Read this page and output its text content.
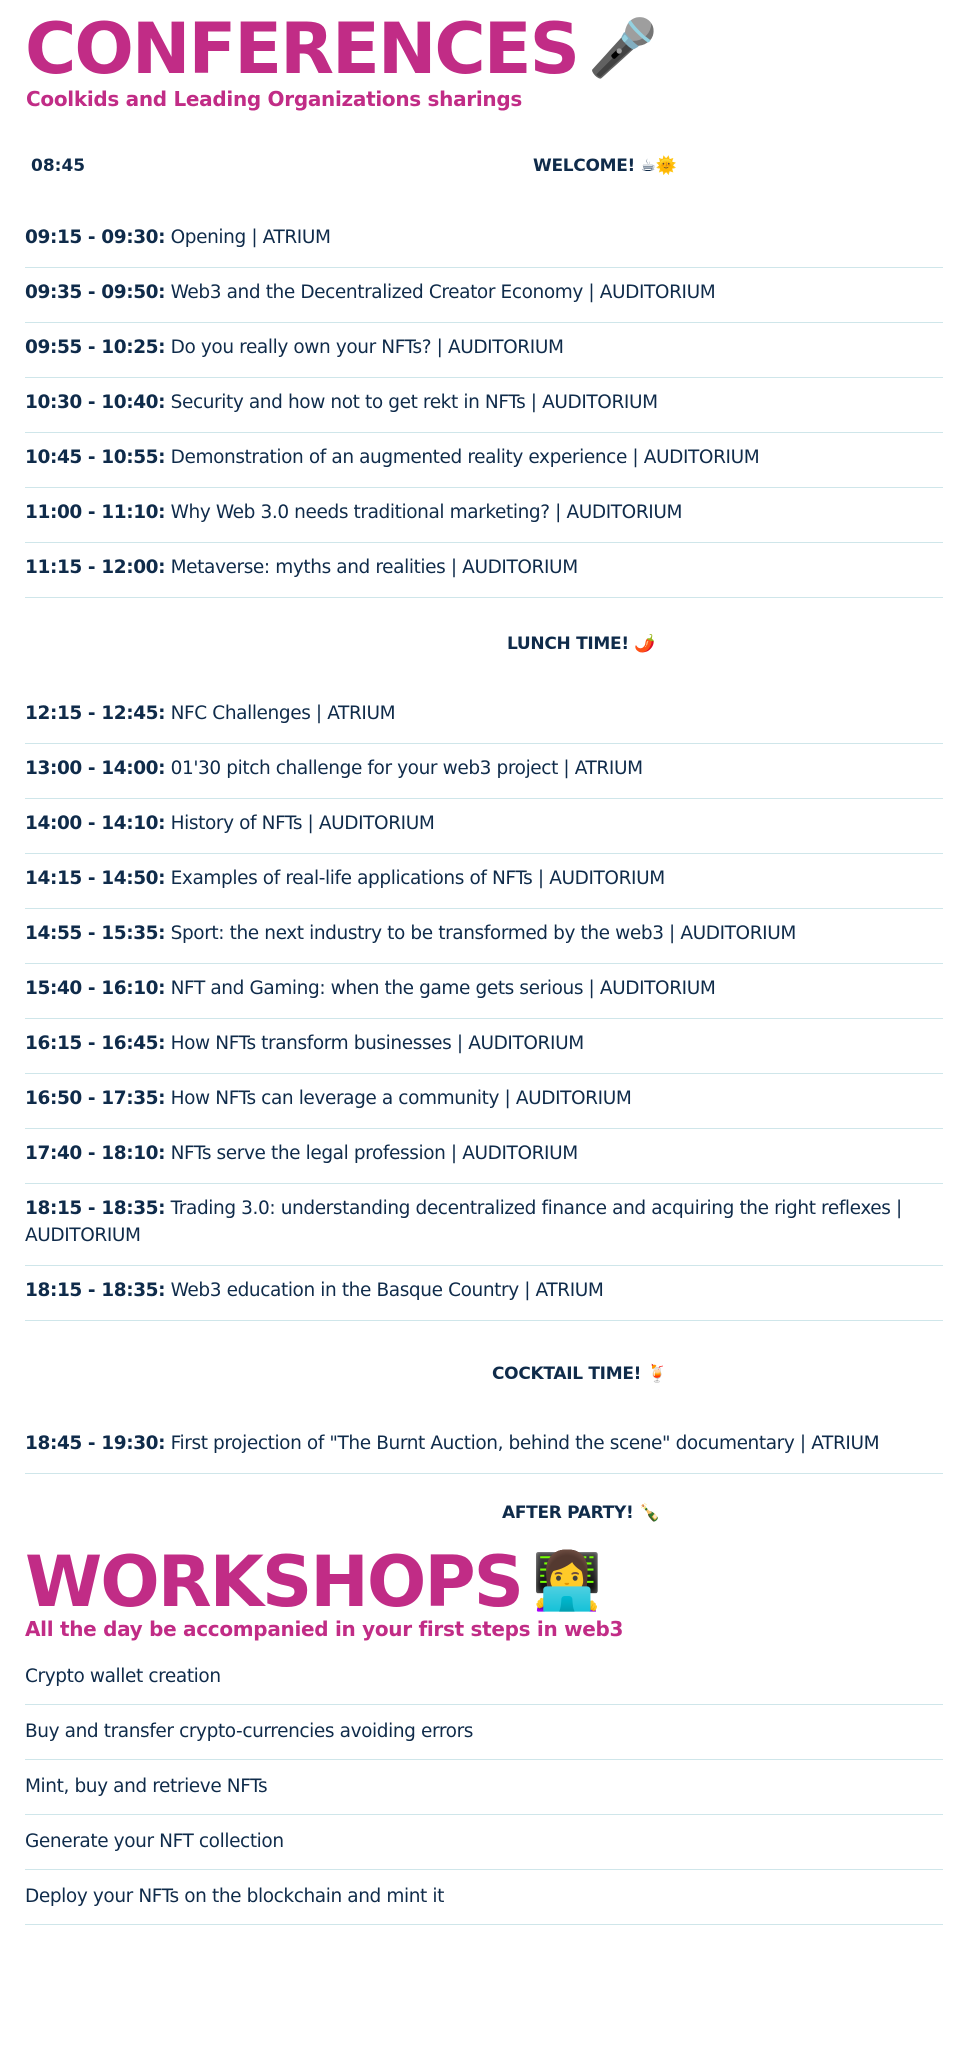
CONFERENCES 🎤
Coolkids and Leading Organizations sharings
08:45	WELCOME! ☕🌞
09:15 - 09:30: Opening | ATRIUM
09:35 - 09:50: Web3 and the Decentralized Creator Economy | AUDITORIUM
09:55 - 10:25: Do you really own your NFTs? | AUDITORIUM
10:30 - 10:40: Security and how not to get rekt in NFTs | AUDITORIUM
10:45 - 10:55: Demonstration of an augmented reality experience | AUDITORIUM
11:00 - 11:10: Why Web 3.0 needs traditional marketing? | AUDITORIUM
11:15 - 12:00: Metaverse: myths and realities | AUDITORIUM
LUNCH TIME! 🌶️
12:15 - 12:45: NFC Challenges | ATRIUM
13:00 - 14:00: 01'30 pitch challenge for your web3 project | ATRIUM
14:00 - 14:10: History of NFTs | AUDITORIUM
14:15 - 14:50: Examples of real-life applications of NFTs | AUDITORIUM
14:55 - 15:35: Sport: the next industry to be transformed by the web3 | AUDITORIUM
15:40 - 16:10: NFT and Gaming: when the game gets serious | AUDITORIUM
16:15 - 16:45: How NFTs transform businesses | AUDITORIUM
16:50 - 17:35: How NFTs can leverage a community | AUDITORIUM
17:40 - 18:10: NFTs serve the legal profession | AUDITORIUM
18:15 - 18:35: Trading 3.0: understanding decentralized finance and acquiring the right reflexes | AUDITORIUM
18:15 - 18:35: Web3 education in the Basque Country | ATRIUM
COCKTAIL TIME! 🍹
18:45 - 19:30: First projection of "The Burnt Auction, behind the scene" documentary | ATRIUM
AFTER PARTY! 🍾
WORKSHOPS 👩‍💻
All the day be accompanied in your first steps in web3
Crypto wallet creation
Buy and transfer crypto-currencies avoiding errors
Mint, buy and retrieve NFTs
Generate your NFT collection
Deploy your NFTs on the blockchain and mint it
